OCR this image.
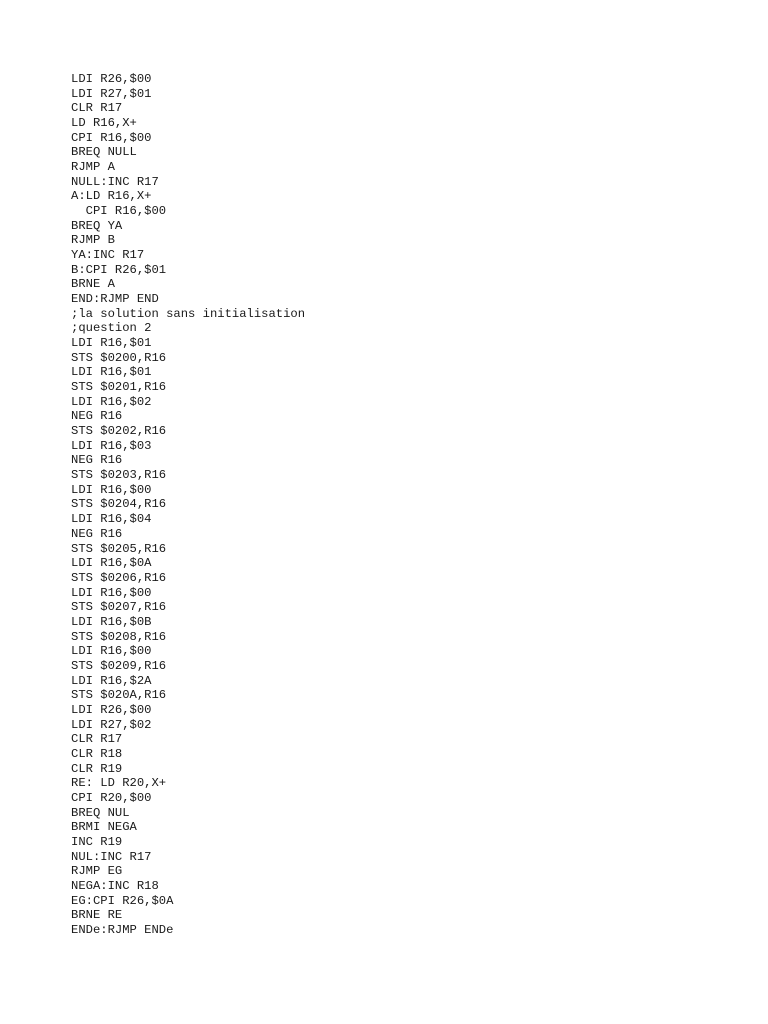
LDI R26,$00
LDI R27,$01
CLR R17
LD R16,X+
CPI R16,$00
BREQ NULL
RJMP A
NULL:INC R17
A:LD R16,X+
CPI R16,$00
BREQ YA
RJMP B
YA:INC R17
B:CPI R26,$01
BRNE A
END:RJMP END
;la solution sans initialisation
;question 2
LDI R16,$01
STS $0200,R16
LDI R16,$01
STS $0201,R16
LDI R16,$02
NEG R16
STS $0202,R16
LDI R16,$03
NEG R16
STS $0203,R16
LDI R16,$00
STS $0204,R16
LDI R16,$04
NEG R16
STS $0205,R16
LDI R16,$0A
STS $0206,R16
LDI R16,$00
STS $0207,R16
LDI R16,$0B
STS $0208,R16
LDI R16,$00
STS $0209,R16
LDI R16,$2A
STS $020A,R16
LDI R26,$00
LDI R27,$02
CLR R17
CLR R18
CLR R19
RE: LD R20,X+
CPI R20,$00
BREQ NUL
BRMI NEGA
INC R19
NUL:INC R17
RJMP EG
NEGA:INC R18
EG:CPI R26,$0A
BRNE RE
ENDe:RJMP ENDe
